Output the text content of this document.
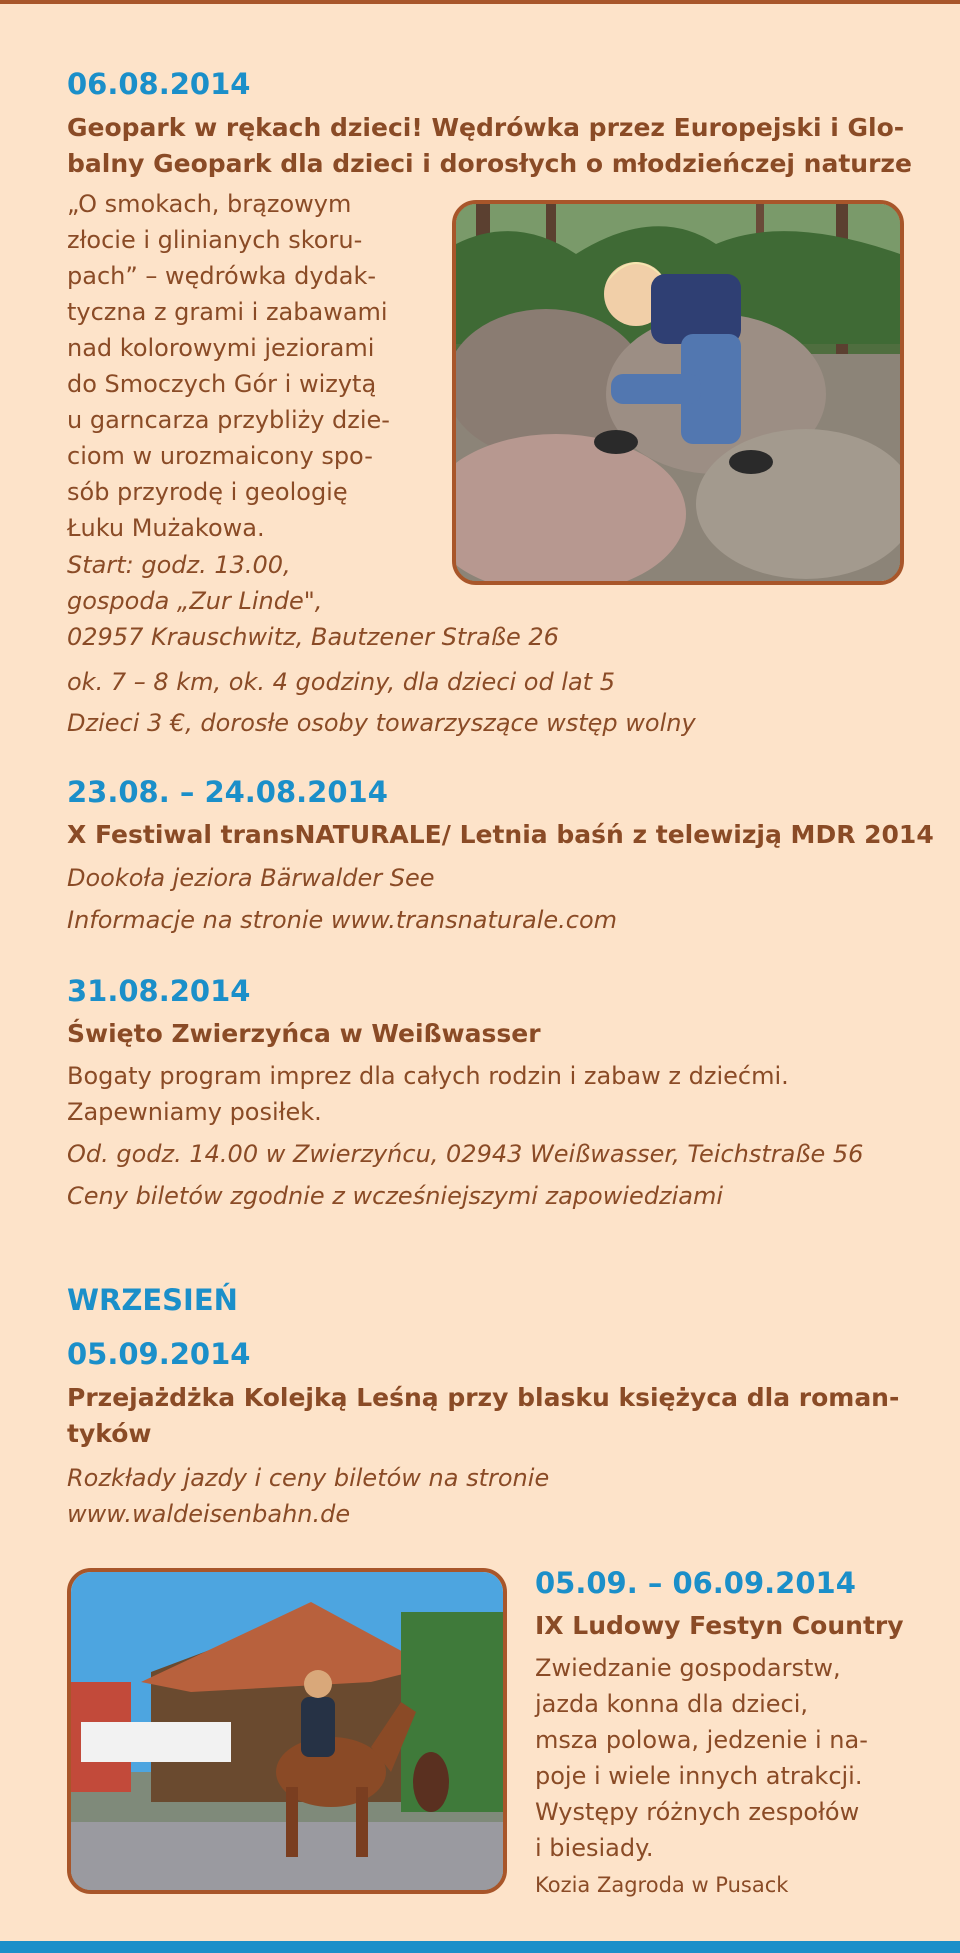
06.08.2014

Geopark w rękach dzieci! Wędrówka przez Europejski i Glo-

balny Geopark dla dzieci i dorosłych o młodzieńczej naturze

„O smokach, brązowym

złocie i glinianych skoru-

pach” – wędrówka dydak-

tyczna z grami i zabawami

nad kolorowymi jeziorami

do Smoczych Gór i wizytą

u garncarza przybliży dzie-

ciom w urozmaicony spo-

sób przyrodę i geologię

Łuku Mużakowa.

Start: godz. 13.00,

gospoda „Zur Linde",

02957 Krauschwitz, Bautzener Straße 26

ok. 7 – 8 km, ok. 4 godziny, dla dzieci od lat 5

Dzieci 3 €, dorosłe osoby towarzyszące wstęp wolny

23.08. – 24.08.2014

X Festiwal transNATURALE/ Letnia baśń z telewizją MDR 2014

Dookoła jeziora Bärwalder See

Informacje na stronie www.transnaturale.com

31.08.2014

Święto Zwierzyńca w Weißwasser

Bogaty program imprez dla całych rodzin i zabaw z dziećmi.

Zapewniamy posiłek.

Od. godz. 14.00 w Zwierzyńcu, 02943 Weißwasser, Teichstraße 56

Ceny biletów zgodnie z wcześniejszymi zapowiedziami

WRZESIEŃ

05.09.2014

Przejażdżka Kolejką Leśną przy blasku księżyca dla roman-

tyków

Rozkłady jazdy i ceny biletów na stronie

www.waldeisenbahn.de

05.09. – 06.09.2014

IX Ludowy Festyn Country

Zwiedzanie gospodarstw,

jazda konna dla dzieci,

msza polowa, jedzenie i na-

poje i wiele innych atrakcji.

Występy różnych zespołów

i biesiady.

Kozia Zagroda w Pusack
